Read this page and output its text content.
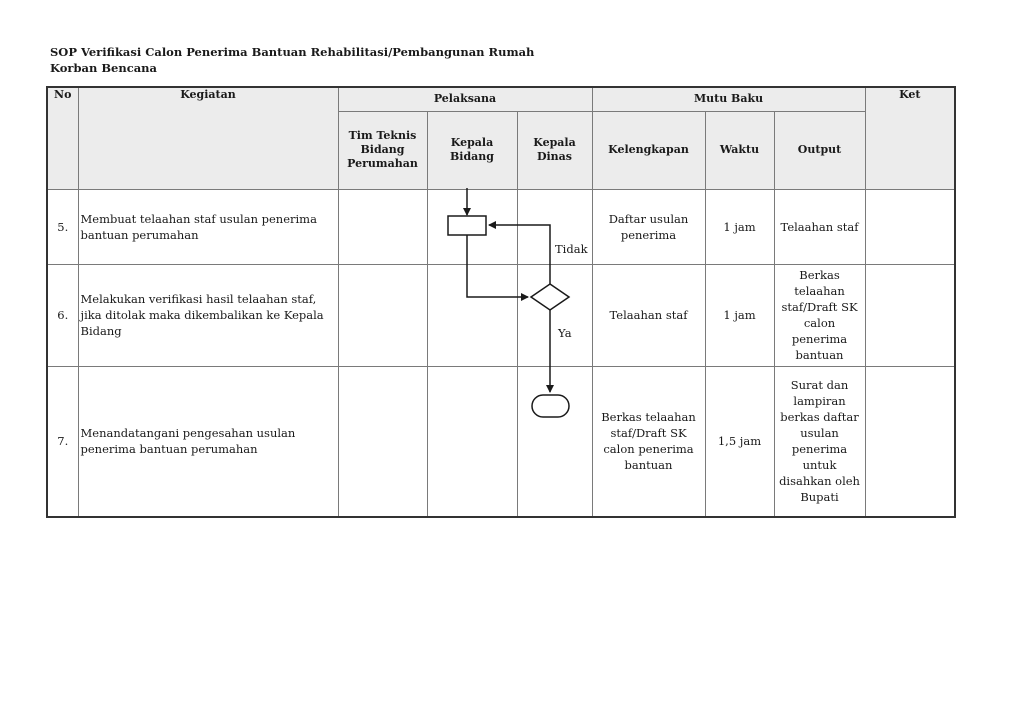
SOP Verifikasi Calon Penerima Bantuan Rehabilitasi/Pembangunan Rumah
Korban Bencana
No	Kegiatan	Pelaksana			Mutu Baku			Ket
		Tim Teknis Bidang Perumahan	Kepala Bidang	Kepala Dinas	Kelengkapan	Waktu	Output	
5.	Membuat telaahan staf usulan penerima bantuan perumahan				Daftar usulan penerima	1 jam	Telaahan staf	
6.	Melakukan verifikasi hasil telaahan staf, jika ditolak maka dikembalikan ke Kepala Bidang				Telaahan staf	1 jam	Berkas telaahan staf/Draft SK calon penerima bantuan	
7.	Menandatangani pengesahan usulan penerima bantuan perumahan				Berkas telaahan staf/Draft SK calon penerima bantuan	1,5 jam	Surat dan lampiran berkas daftar usulan penerima untuk disahkan oleh Bupati	
Tidak
Ya
